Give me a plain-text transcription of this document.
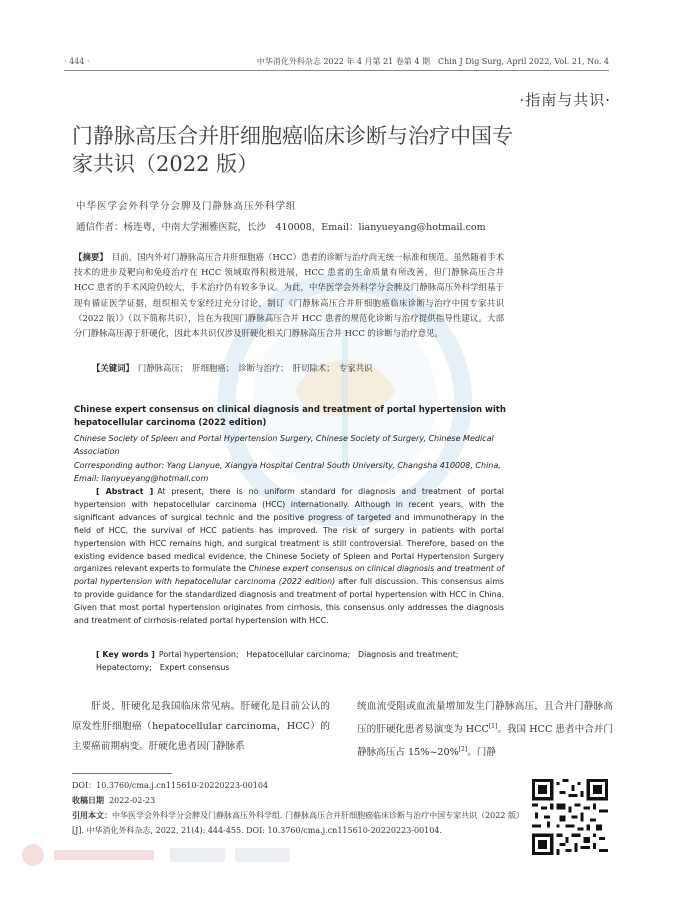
· 444 ·	中华消化外科杂志 2022 年 4 月第 21 卷第 4 期　Chin J Dig Surg, April 2022, Vol. 21, No. 4
·指南与共识·
门静脉高压合并肝细胞癌临床诊断与治疗中国专家共识（2022 版）
中华医学会外科学分会脾及门静脉高压外科学组
通信作者：杨连粤，中南大学湘雅医院，长沙　410008，Email：lianyueyang@hotmail.com
【摘要】 目前，国内外对门静脉高压合并肝细胞癌（HCC）患者的诊断与治疗尚无统一标准和规范。虽然随着手术技术的进步及靶向和免疫治疗在 HCC 领域取得积极进展，HCC 患者的生命质量有所改善，但门静脉高压合并 HCC 患者的手术风险仍较大，手术治疗仍有较多争议。为此，中华医学会外科学分会脾及门静脉高压外科学组基于现有循证医学证据，组织相关专家经过充分讨论，制订《门静脉高压合并肝细胞癌临床诊断与治疗中国专家共识（2022 版）》（以下简称共识），旨在为我国门静脉高压合并 HCC 患者的规范化诊断与治疗提供指导性建议。大部分门静脉高压源于肝硬化，因此本共识仅涉及肝硬化相关门静脉高压合并 HCC 的诊断与治疗意见。
【关键词】 门静脉高压；　肝细胞癌；　诊断与治疗；　肝切除术；　专家共识
Chinese expert consensus on clinical diagnosis and treatment of portal hypertension with hepatocellular carcinoma (2022 edition)
Chinese Society of Spleen and Portal Hypertension Surgery, Chinese Society of Surgery, Chinese Medical Association
Corresponding author: Yang Lianyue, Xiangya Hospital Central South University, Changsha 410008, China, Email: lianyueyang@hotmail.com
[ Abstract ] At present, there is no uniform standard for diagnosis and treatment of portal hypertension with hepatocellular carcinoma (HCC) internationally. Although in recent years, with the significant advances of surgical technic and the positive progress of targeted and immunotherapy in the field of HCC, the survival of HCC patients has improved. The risk of surgery in patients with portal hypertension with HCC remains high, and surgical treatment is still controversial. Therefore, based on the existing evidence based medical evidence, the Chinese Society of Spleen and Portal Hypertension Surgery organizes relevant experts to formulate the Chinese expert consensus on clinical diagnosis and treatment of portal hypertension with hepatocellular carcinoma (2022 edition) after full discussion. This consensus aims to provide guidance for the standardized diagnosis and treatment of portal hypertension with HCC in China. Given that most portal hypertension originates from cirrhosis, this consensus only addresses the diagnosis and treatment of cirrhosis-related portal hypertension with HCC.
[ Key words ] Portal hypertension;　Hepatocellular carcinoma;　Diagnosis and treatment;　Hepatectomy;　Expert consensus
肝炎、肝硬化是我国临床常见病。肝硬化是目前公认的原发性肝细胞癌（hepatocellular carcinoma，HCC）的主要癌前期病变。肝硬化患者因门静脉系
统血流受阻或血流量增加发生门静脉高压，且合并门静脉高压的肝硬化患者易演变为 HCC[1]。我国 HCC 患者中合并门静脉高压占 15%~20%[2]。门静
DOI：10.3760/cma.j.cn115610-20220223-00104
收稿日期 2022-02-23
引用本文：中华医学会外科学分会脾及门静脉高压外科学组. 门静脉高压合并肝细胞癌临床诊断与治疗中国专家共识（2022 版）[J]. 中华消化外科杂志, 2022, 21(4): 444-455. DOI: 10.3760/cma.j.cn115610-20220223-00104.
